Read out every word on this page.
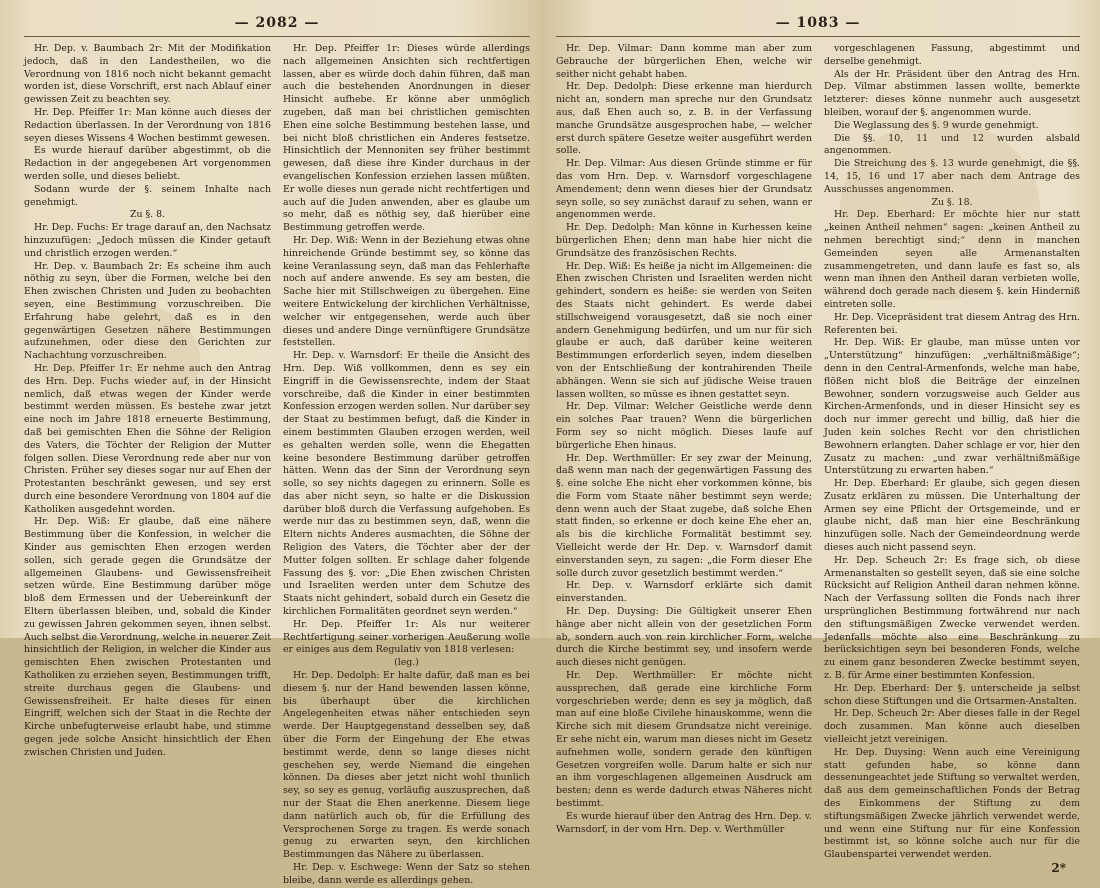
— 2082 —

Hr. Dep. v. Baumbach 2r: Mit der Modifikation jedoch, daß in den Landestheilen, wo die Verordnung von 1816 noch nicht bekannt gemacht worden ist, diese Vorschrift, erst nach Ablauf einer gewissen Zeit zu beachten sey.

Hr. Dep. Pfeiffer 1r: Man könne auch dieses der Redaction überlassen. In der Verordnung von 1816 seyen dieses Wissens 4 Wochen bestimmt gewesen.

Es wurde hierauf darüber abgestimmt, ob die Redaction in der angegebenen Art vorgenommen werden solle, und dieses beliebt.

Sodann wurde der §. seinem Inhalte nach genehmigt.

Zu §. 8.

Hr. Dep. Fuchs: Er trage darauf an, den Nachsatz hinzuzufügen: „Jedoch müssen die Kinder getauft und christlich erzogen werden.“

Hr. Dep. v. Baumbach 2r: Es scheine ihm auch nöthig zu seyn, über die Formen, welche bei den Ehen zwischen Christen und Juden zu beobachten seyen, eine Bestimmung vorzuschreiben. Die Erfahrung habe gelehrt, daß es in den gegenwärtigen Gesetzen nähere Bestimmungen aufzunehmen, oder diese den Gerichten zur Nachachtung vorzuschreiben.

Hr. Dep. Pfeiffer 1r: Er nehme auch den Antrag des Hrn. Dep. Fuchs wieder auf, in der Hinsicht nemlich, daß etwas wegen der Kinder werde bestimmt werden müssen. Es bestehe zwar jetzt eine noch im Jahre 1818 erneuerte Bestimmung, daß bei gemischten Ehen die Söhne der Religion des Vaters, die Töchter der Religion der Mutter folgen sollen. Diese Verordnung rede aber nur von Christen. Früher sey dieses sogar nur auf Ehen der Protestanten beschränkt gewesen, und sey erst durch eine besondere Verordnung von 1804 auf die Katholiken ausgedehnt worden.

Hr. Dep. Wiß: Er glaube, daß eine nähere Bestimmung über die Konfession, in welcher die Kinder aus gemischten Ehen erzogen werden sollen, sich gerade gegen die Grundsätze der allgemeinen Glaubens- und Gewissensfreiheit setzen würde. Eine Bestimmung darüber möge bloß dem Ermessen und der Uebereinkunft der Eltern überlassen bleiben, und, sobald die Kinder zu gewissen Jahren gekommen seyen, ihnen selbst. Auch selbst die Verordnung, welche in neuerer Zeit hinsichtlich der Religion, in welcher die Kinder aus gemischten Ehen zwischen Protestanten und Katholiken zu erziehen seyen, Bestimmungen trifft, streite durchaus gegen die Glaubens- und Gewissensfreiheit. Er halte dieses für einen Eingriff, welchen sich der Staat in die Rechte der Kirche unbefugterweise erlaubt habe, und stimme gegen jede solche Ansicht hinsichtlich der Ehen zwischen Christen und Juden.

Hr. Dep. Pfeiffer 1r: Dieses würde allerdings nach allgemeinen Ansichten sich rechtfertigen lassen, aber es würde doch dahin führen, daß man auch die bestehenden Anordnungen in dieser Hinsicht aufhebe. Er könne aber unmöglich zugeben, daß man bei christlichen gemischten Ehen eine solche Bestimmung bestehen lasse, und bei nicht bloß christlichen ein Anderes festsetze. Hinsichtlich der Mennoniten sey früher bestimmt gewesen, daß diese ihre Kinder durchaus in der evangelischen Konfession erziehen lassen müßten. Er wolle dieses nun gerade nicht rechtfertigen und auch auf die Juden anwenden, aber es glaube um so mehr, daß es nöthig sey, daß hierüber eine Bestimmung getroffen werde.

Hr. Dep. Wiß: Wenn in der Beziehung etwas ohne hinreichende Gründe bestimmt sey, so könne das keine Veranlassung seyn, daß man das Fehlerhafte noch auf andere anwende. Es sey am besten, die Sache hier mit Stillschweigen zu übergehen. Eine weitere Entwickelung der kirchlichen Verhältnisse, welcher wir entgegensehen, werde auch über dieses und andere Dinge vernünftigere Grundsätze feststellen.

Hr. Dep. v. Warnsdorf: Er theile die Ansicht des Hrn. Dep. Wiß vollkommen, denn es sey ein Eingriff in die Gewissensrechte, indem der Staat vorschreibe, daß die Kinder in einer bestimmten Konfession erzogen werden sollen. Nur darüber sey der Staat zu bestimmen befugt, daß die Kinder in einem bestimmten Glauben erzogen werden, weil es gehalten werden solle, wenn die Ehegatten keine besondere Bestimmung darüber getroffen hätten. Wenn das der Sinn der Verordnung seyn solle, so sey nichts dagegen zu erinnern. Solle es das aber nicht seyn, so halte er die Diskussion darüber bloß durch die Verfassung aufgehoben. Es werde nur das zu bestimmen seyn, daß, wenn die Eltern nichts Anderes ausmachten, die Söhne der Religion des Vaters, die Töchter aber der der Mutter folgen sollten. Er schlage daher folgende Fassung des §. vor: „Die Ehen zwischen Christen und Israeliten werden unter dem Schutze des Staats nicht gehindert, sobald durch ein Gesetz die kirchlichen Formalitäten geordnet seyn werden.“

Hr. Dep. Pfeiffer 1r: Als nur weiterer Rechtfertigung seiner vorherigen Aeußerung wolle er einiges aus dem Regulativ von 1818 verlesen:

(leg.)

Hr. Dep. Dedolph: Er halte dafür, daß man es bei diesem §. nur der Hand bewenden lassen könne, bis überhaupt über die kirchlichen Angelegenheiten etwas näher entschieden seyn werde. Der Hauptgegenstand desselben sey, daß über die Form der Eingehung der Ehe etwas bestimmt werde, denn so lange dieses nicht geschehen sey, werde Niemand die eingehen können. Da dieses aber jetzt nicht wohl thunlich sey, so sey es genug, vorläufig auszusprechen, daß nur der Staat die Ehen anerkenne. Diesem liege dann natürlich auch ob, für die Erfüllung des Versprochenen Sorge zu tragen. Es werde sonach genug zu erwarten seyn, den kirchlichen Bestimmungen das Nähere zu überlassen.

Hr. Dep. v. Eschwege: Wenn der Satz so stehen bleibe, dann werde es allerdings gehen.

— 1083 —

Hr. Dep. Vilmar: Dann komme man aber zum Gebrauche der bürgerlichen Ehen, welche wir seither nicht gehabt haben.

Hr. Dep. Dedolph: Diese erkenne man hierdurch nicht an, sondern man spreche nur den Grundsatz aus, daß Ehen auch so, z. B. in der Verfassung manche Grundsätze ausgesprochen habe, — welcher erst durch spätere Gesetze weiter ausgeführt werden solle.

Hr. Dep. Vilmar: Aus diesen Gründe stimme er für das vom Hrn. Dep. v. Warnsdorf vorgeschlagene Amendement; denn wenn dieses hier der Grundsatz seyn solle, so sey zunächst darauf zu sehen, wann er angenommen werde.

Hr. Dep. Dedolph: Man könne in Kurhessen keine bürgerlichen Ehen; denn man habe hier nicht die Grundsätze des französischen Rechts.

Hr. Dep. Wiß: Es heiße ja nicht im Allgemeinen: die Ehen zwischen Christen und Israeliten werden nicht gehindert, sondern es heiße: sie werden von Seiten des Staats nicht gehindert. Es werde dabei stillschweigend vorausgesetzt, daß sie noch einer andern Genehmigung bedürfen, und um nur für sich glaube er auch, daß darüber keine weiteren Bestimmungen erforderlich seyen, indem dieselben von der Entschließung der kontrahirenden Theile abhängen. Wenn sie sich auf jüdische Weise trauen lassen wollten, so müsse es ihnen gestattet seyn.

Hr. Dep. Vilmar: Welcher Geistliche werde denn ein solches Paar trauen? Wenn die bürgerlichen Form sey so nicht möglich. Dieses laufe auf bürgerliche Ehen hinaus.

Hr. Dep. Werthmüller: Er sey zwar der Meinung, daß wenn man nach der gegenwärtigen Fassung des §. eine solche Ehe nicht eher vorkommen könne, bis die Form vom Staate näher bestimmt seyn werde; denn wenn auch der Staat zugebe, daß solche Ehen statt finden, so erkenne er doch keine Ehe eher an, als bis die kirchliche Formalität bestimmt sey. Vielleicht werde der Hr. Dep. v. Warnsdorf damit einverstanden seyn, zu sagen: „die Form dieser Ehe solle durch zuvor gesetzlich bestimmt werden.“

Hr. Dep. v. Warnsdorf erklärte sich damit einverstanden.

Hr. Dep. Duysing: Die Gültigkeit unserer Ehen hänge aber nicht allein von der gesetzlichen Form ab, sondern auch von rein kirchlicher Form, welche durch die Kirche bestimmt sey, und insofern werde auch dieses nicht genügen.

Hr. Dep. Werthmüller: Er möchte nicht aussprechen, daß gerade eine kirchliche Form vorgeschrieben werde; denn es sey ja möglich, daß man auf eine bloße Civilehe hinauskomme, wenn die Kirche sich mit diesem Grundsatze nicht vereinige. Er sehe nicht ein, warum man dieses nicht im Gesetz aufnehmen wolle, sondern gerade den künftigen Gesetzen vorgreifen wolle. Darum halte er sich nur an ihm vorgeschlagenen allgemeinen Ausdruck am besten; denn es werde dadurch etwas Näheres nicht bestimmt.

Es wurde hierauf über den Antrag des Hrn. Dep. v. Warnsdorf, in der vom Hrn. Dep. v. Werthmüller

vorgeschlagenen Fassung, abgestimmt und derselbe genehmigt.

Als der Hr. Präsident über den Antrag des Hrn. Dep. Vilmar abstimmen lassen wollte, bemerkte letzterer: dieses könne nunmehr auch ausgesetzt bleiben, worauf der §. angenommen wurde.

Die Weglassung des §. 9 wurde genehmigt.

Die §§. 10, 11 und 12 wurden alsbald angenommen.

Die Streichung des §. 13 wurde genehmigt, die §§. 14, 15, 16 und 17 aber nach dem Antrage des Ausschusses angenommen.

Zu §. 18.

Hr. Dep. Eberhard: Er möchte hier nur statt „keinen Antheil nehmen“ sagen: „keinen Antheil zu nehmen berechtigt sind;“ denn in manchen Gemeinden seyen alle Armenanstalten zusammengetreten, und dann laufe es fast so, als wenn man ihnen den Antheil daran verbieten wolle, während doch gerade nach diesem §. kein Hinderniß eintreten solle.

Hr. Dep. Vicepräsident trat diesem Antrag des Hrn. Referenten bei.

Hr. Dep. Wiß: Er glaube, man müsse unten vor „Unterstützung“ hinzufügen: „verhältnißmäßige“; denn in den Central-Armenfonds, welche man habe, flößen nicht bloß die Beiträge der einzelnen Bewohner, sondern vorzugsweise auch Gelder aus Kirchen-Armenfonds, und in dieser Hinsicht sey es doch nur immer gerecht und billig, daß hier die Juden kein solches Recht vor den christlichen Bewohnern erlangten. Daher schlage er vor, hier den Zusatz zu machen: „und zwar verhältnißmäßige Unterstützung zu erwarten haben.“

Hr. Dep. Eberhard: Er glaube, sich gegen diesen Zusatz erklären zu müssen. Die Unterhaltung der Armen sey eine Pflicht der Ortsgemeinde, und er glaube nicht, daß man hier eine Beschränkung hinzufügen solle. Nach der Gemeindeordnung werde dieses auch nicht passend seyn.

Hr. Dep. Scheuch 2r: Es frage sich, ob diese Armenanstalten so gestellt seyen, daß sie eine solche Rücksicht auf Religion Antheil daran nehmen könne. Nach der Verfassung sollten die Fonds nach ihrer ursprünglichen Bestimmung fortwährend nur nach den stiftungsmäßigen Zwecke verwendet werden. Jedenfalls möchte also eine Beschränkung zu berücksichtigen seyn bei besonderen Fonds, welche zu einem ganz besonderen Zwecke bestimmt seyen, z. B. für Arme einer bestimmten Konfession.

Hr. Dep. Eberhard: Der §. unterscheide ja selbst schon diese Stiftungen und die Ortsarmen-Anstalten.

Hr. Dep. Scheuch 2r: Aber dieses falle in der Regel doch zusammen. Man könne auch dieselben vielleicht jetzt vereinigen.

Hr. Dep. Duysing: Wenn auch eine Vereinigung statt gefunden habe, so könne dann dessenungeachtet jede Stiftung so verwaltet werden, daß aus dem gemeinschaftlichen Fonds der Betrag des Einkommens der Stiftung zu dem stiftungsmäßigen Zwecke jährlich verwendet werde, und wenn eine Stiftung nur für eine Konfession bestimmt ist, so könne solche auch nur für die Glaubenspartei verwendet werden.

2*
